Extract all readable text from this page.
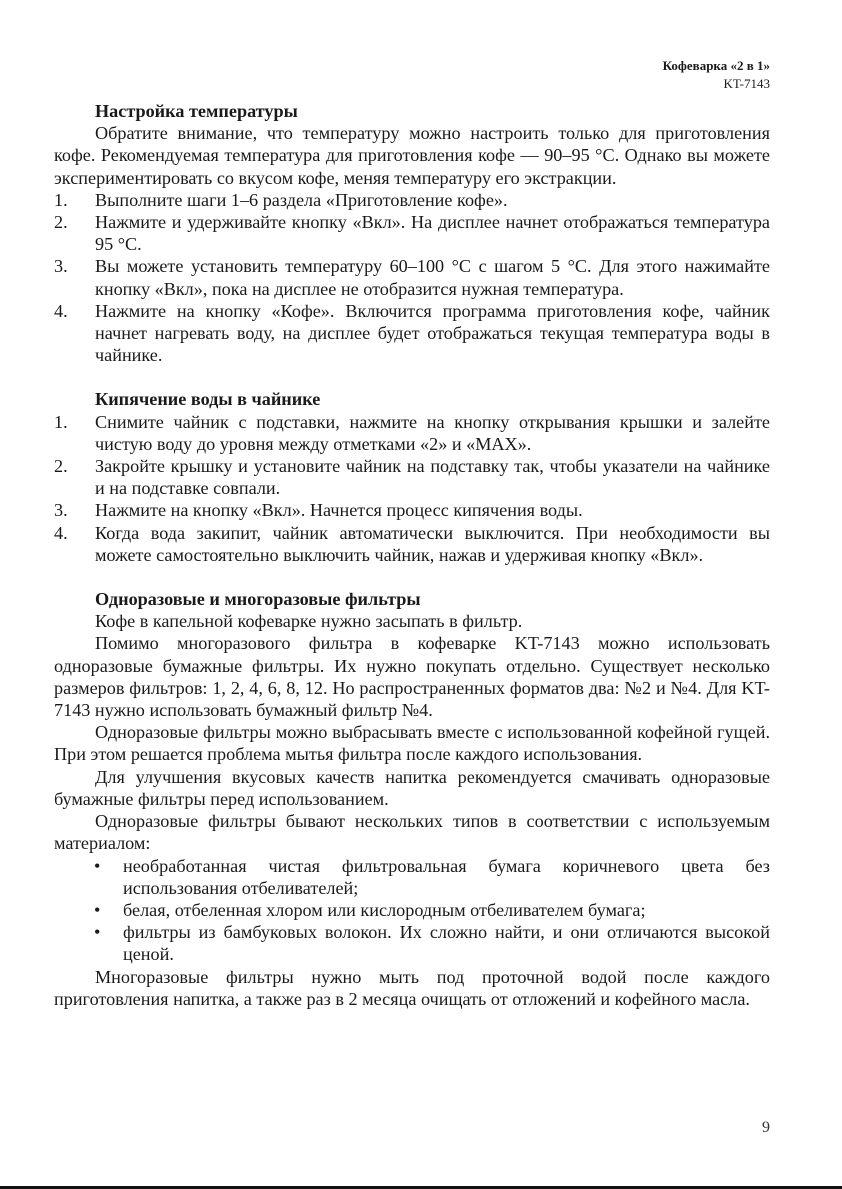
Кофеварка «2 в 1»
KT-7143
Настройка температуры

Обратите внимание, что температуру можно настроить только для приготовления кофе. Рекомендуемая температура для приготовления кофе — 90–95 °С. Однако вы можете экспериментировать со вкусом кофе, меняя температуру его экстракции.

1. Выполните шаги 1–6 раздела «Приготовление кофе».
2. Нажмите и удерживайте кнопку «Вкл». На дисплее начнет отображаться температура 95 °С.
3. Вы можете установить температуру 60–100 °С с шагом 5 °С. Для этого нажимайте кнопку «Вкл», пока на дисплее не отобразится нужная температура.
4. Нажмите на кнопку «Кофе». Включится программа приготовления кофе, чайник начнет нагревать воду, на дисплее будет отображаться текущая температура воды в чайнике.
Кипячение воды в чайнике
1. Снимите чайник с подставки, нажмите на кнопку открывания крышки и залейте чистую воду до уровня между отметками «2» и «MAX».
2. Закройте крышку и установите чайник на подставку так, чтобы указатели на чайнике и на подставке совпали.
3. Нажмите на кнопку «Вкл». Начнется процесс кипячения воды.
4. Когда вода закипит, чайник автоматически выключится. При необходимости вы можете самостоятельно выключить чайник, нажав и удерживая кнопку «Вкл».
Одноразовые и многоразовые фильтры

Кофе в капельной кофеварке нужно засыпать в фильтр.

Помимо многоразового фильтра в кофеварке KT-7143 можно использовать одноразовые бумажные фильтры. Их нужно покупать отдельно. Существует несколько размеров фильтров: 1, 2, 4, 6, 8, 12. Но распространенных форматов два: №2 и №4. Для KT-7143 нужно использовать бумажный фильтр №4.

Одноразовые фильтры можно выбрасывать вместе с использованной кофейной гущей. При этом решается проблема мытья фильтра после каждого использования.

Для улучшения вкусовых качеств напитка рекомендуется смачивать одноразовые бумажные фильтры перед использованием.

Одноразовые фильтры бывают нескольких типов в соответствии с используемым материалом:

• необработанная чистая фильтровальная бумага коричневого цвета без использования отбеливателей;
• белая, отбеленная хлором или кислородным отбеливателем бумага;
• фильтры из бамбуковых волокон. Их сложно найти, и они отличаются высокой ценой.

Многоразовые фильтры нужно мыть под проточной водой после каждого приготовления напитка, а также раз в 2 месяца очищать от отложений и кофейного масла.

9
